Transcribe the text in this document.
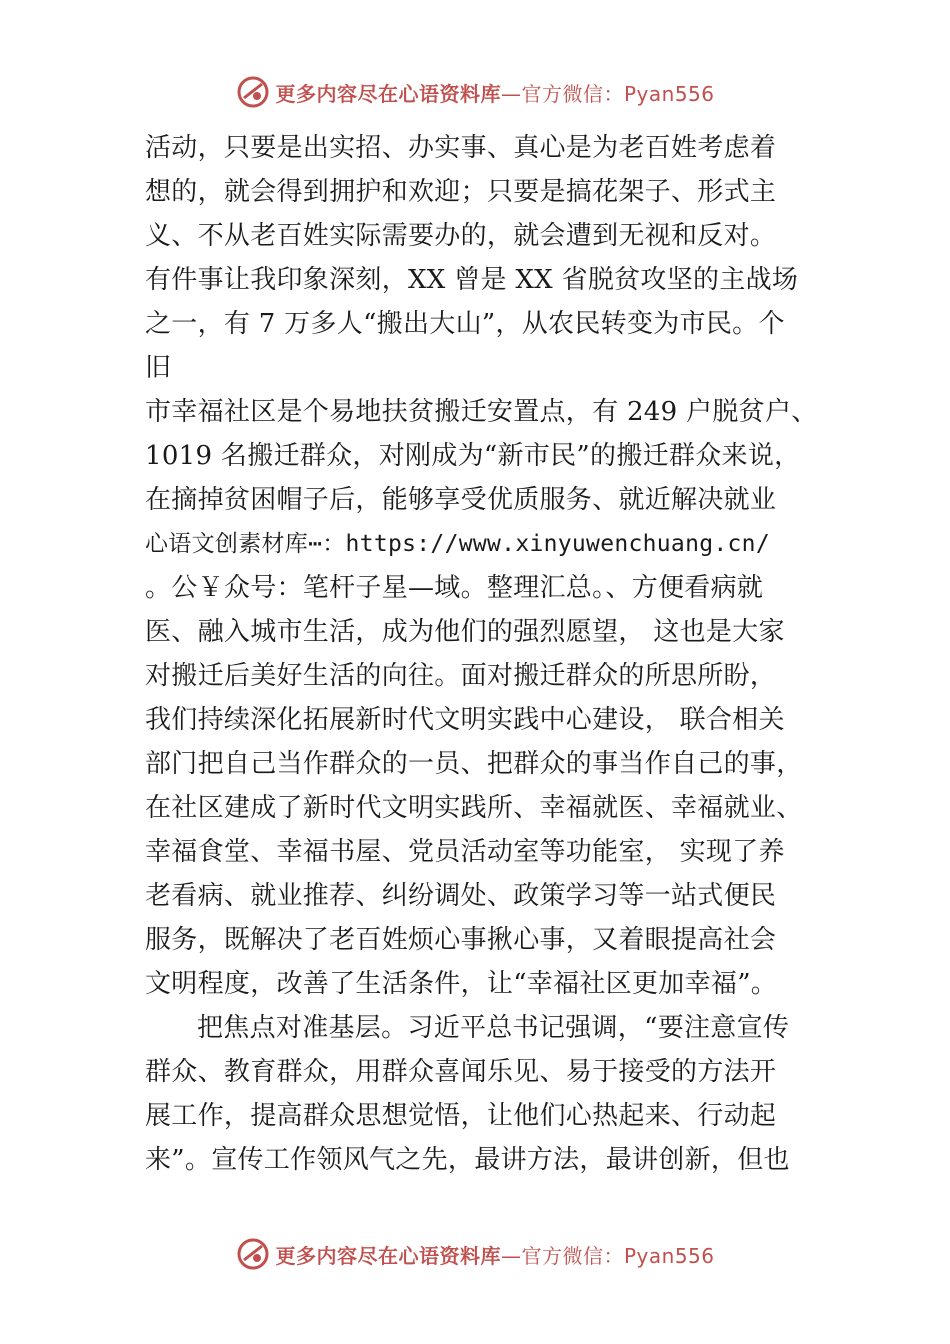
更多内容尽在心语资料库—官方微信：Pyan556
活动，只要是出实招、办实事、真心是为老百姓考虑着
想的，就会得到拥护和欢迎；只要是搞花架子、形式主
义、不从老百姓实际需要办的，就会遭到无视和反对。
有件事让我印象深刻，XX 曾是 XX 省脱贫攻坚的主战场
之一，有 7 万多人“搬出大山”，从农民转变为市民。个
旧
市幸福社区是个易地扶贫搬迁安置点，有 249 户脱贫户、
1019 名搬迁群众，对刚成为“新市民”的搬迁群众来说，
在摘掉贫困帽子后，能够享受优质服务、就近解决就业
心语文创素材库⋯：https://www.xinyuwenchuang.cn/
。公￥众号：笔杆子星—域。整理汇总。、方便看病就
医、融入城市生活，成为他们的强烈愿望， 这也是大家
对搬迁后美好生活的向往。面对搬迁群众的所思所盼，
我们持续深化拓展新时代文明实践中心建设， 联合相关
部门把自己当作群众的一员、把群众的事当作自己的事，
在社区建成了新时代文明实践所、幸福就医、幸福就业、
幸福食堂、幸福书屋、党员活动室等功能室， 实现了养
老看病、就业推荐、纠纷调处、政策学习等一站式便民
服务，既解决了老百姓烦心事揪心事，又着眼提高社会
文明程度，改善了生活条件，让“幸福社区更加幸福”。
把焦点对准基层。习近平总书记强调，“要注意宣传
群众、教育群众，用群众喜闻乐见、易于接受的方法开
展工作，提高群众思想觉悟，让他们心热起来、行动起
来”。宣传工作领风气之先，最讲方法，最讲创新，但也
更多内容尽在心语资料库—官方微信：Pyan556
